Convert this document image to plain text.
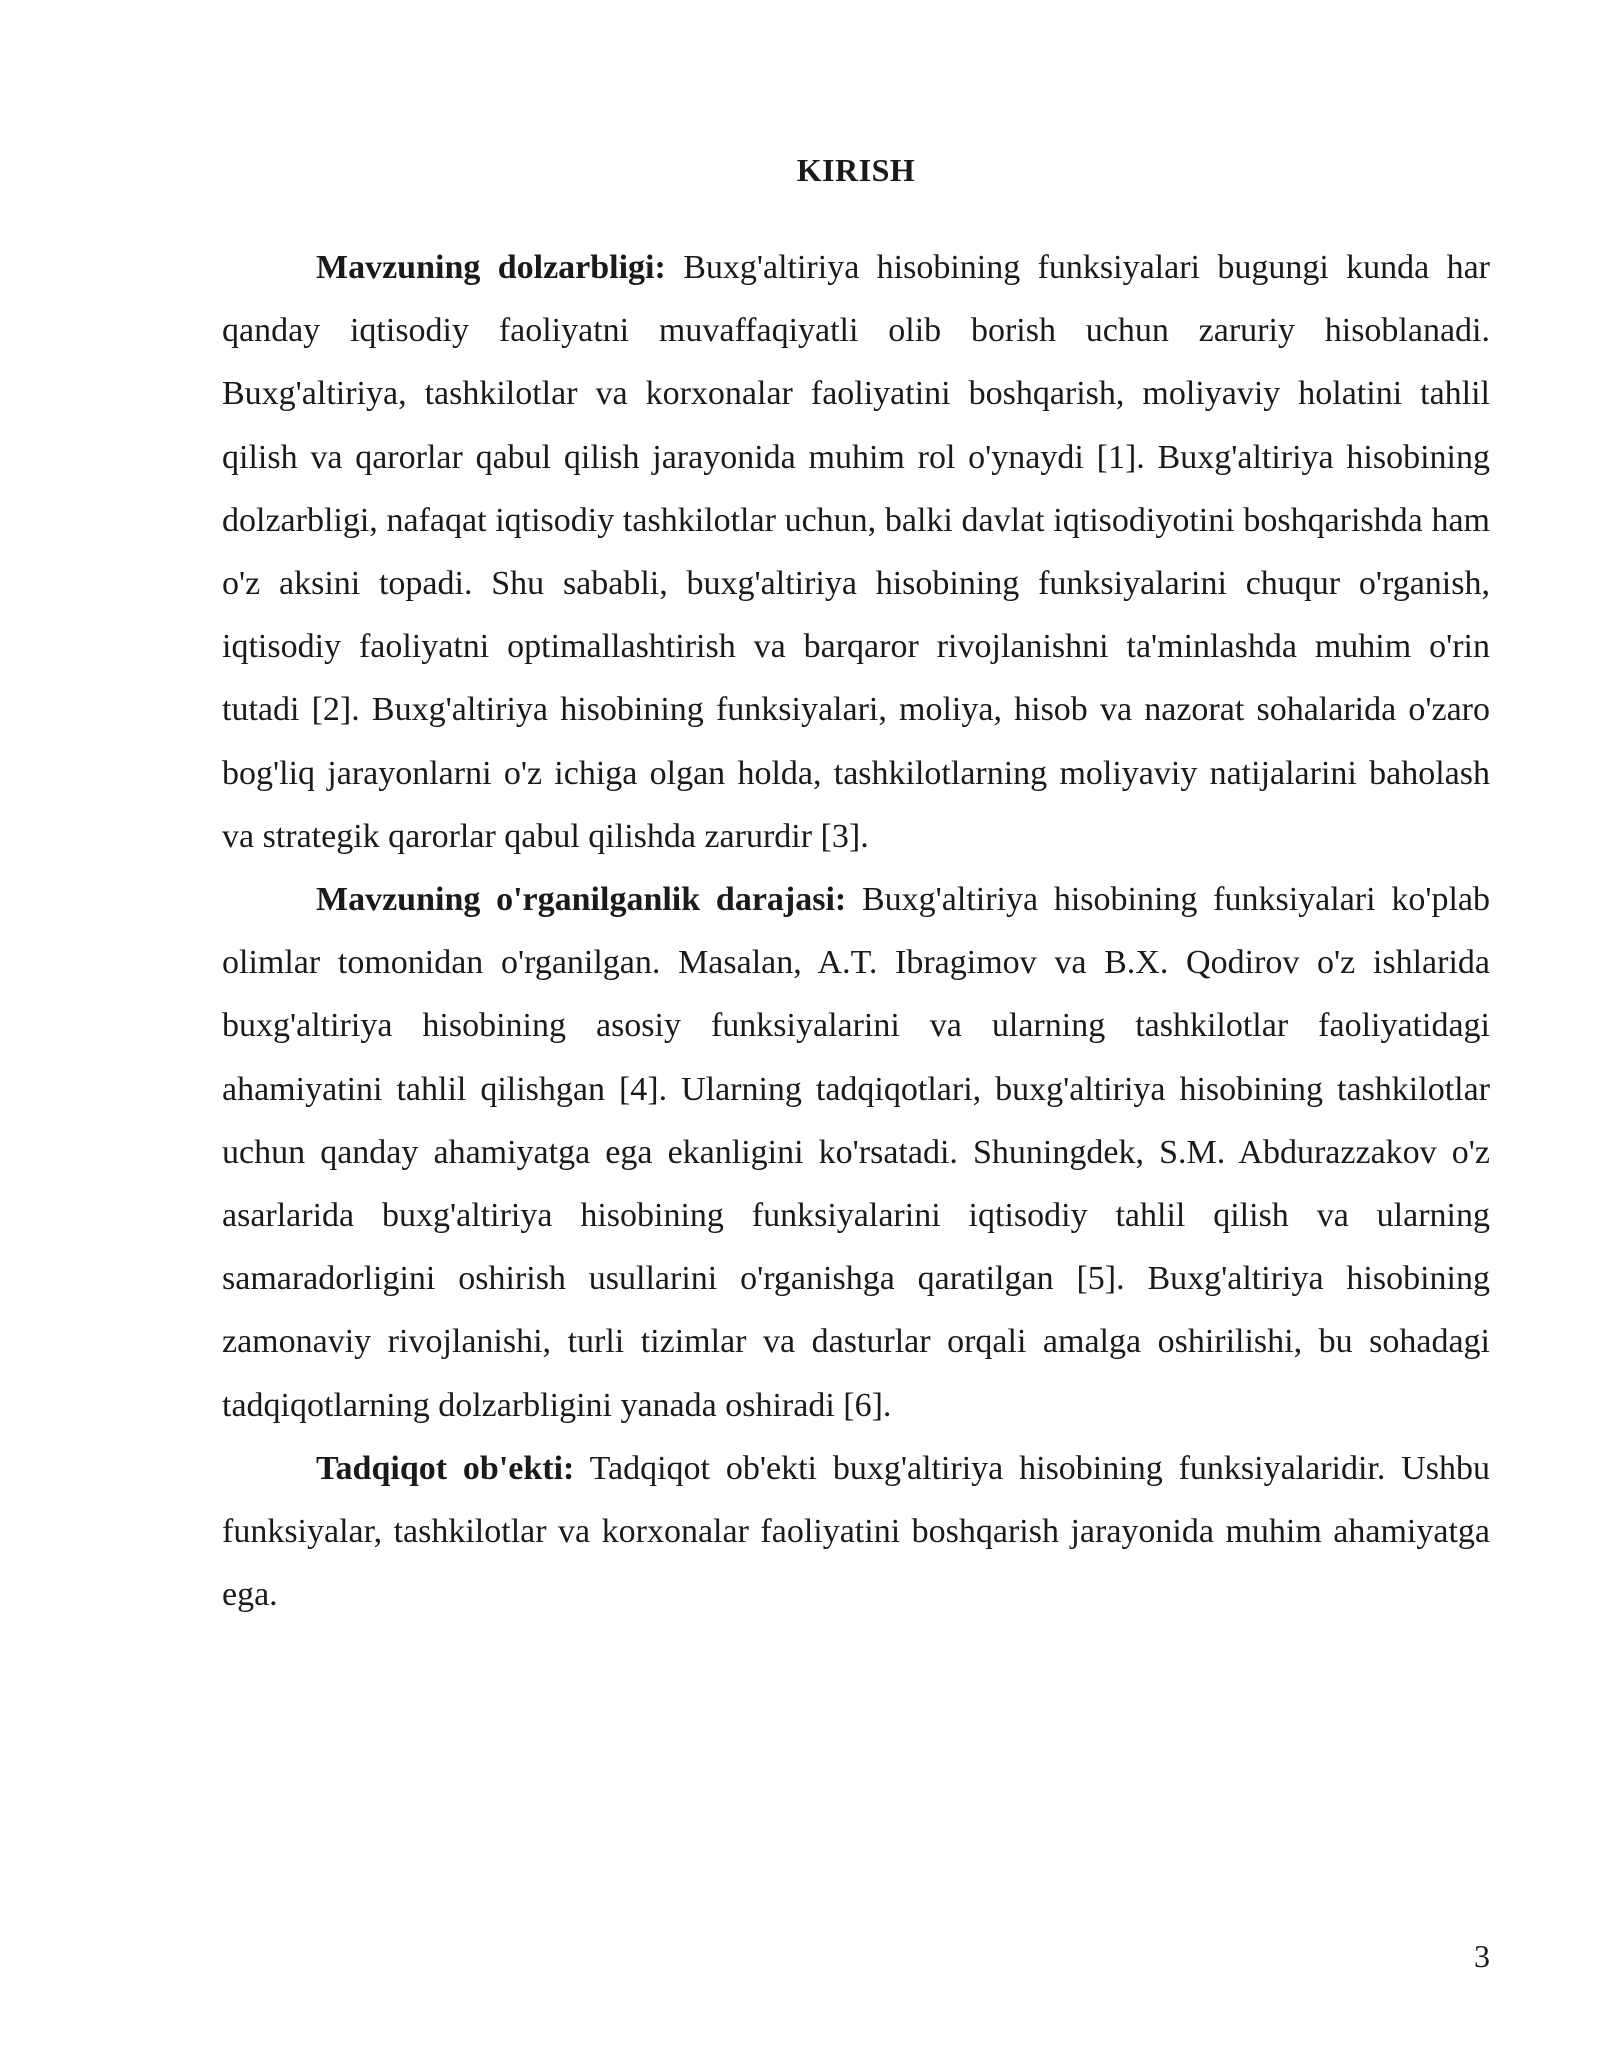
KIRISH

Mavzuning dolzarbligi: Buxg'altiriya hisobining funksiyalari bugungi kunda har qanday iqtisodiy faoliyatni muvaffaqiyatli olib borish uchun zaruriy hisoblanadi. Buxg'altiriya, tashkilotlar va korxonalar faoliyatini boshqarish, moliyaviy holatini tahlil qilish va qarorlar qabul qilish jarayonida muhim rol o'ynaydi [1]. Buxg'altiriya hisobining dolzarbligi, nafaqat iqtisodiy tashkilotlar uchun, balki davlat iqtisodiyotini boshqarishda ham o'z aksini topadi. Shu sababli, buxg'altiriya hisobining funksiyalarini chuqur o'rganish, iqtisodiy faoliyatni optimallashtirish va barqaror rivojlanishni ta'minlashda muhim o'rin tutadi [2]. Buxg'altiriya hisobining funksiyalari, moliya, hisob va nazorat sohalarida o'zaro bog'liq jarayonlarni o'z ichiga olgan holda, tashkilotlarning moliyaviy natijalarini baholash va strategik qarorlar qabul qilishda zarurdir [3].

Mavzuning o'rganilganlik darajasi: Buxg'altiriya hisobining funksiyalari ko'plab olimlar tomonidan o'rganilgan. Masalan, A.T. Ibragimov va B.X. Qodirov o'z ishlarida buxg'altiriya hisobining asosiy funksiyalarini va ularning tashkilotlar faoliyatidagi ahamiyatini tahlil qilishgan [4]. Ularning tadqiqotlari, buxg'altiriya hisobining tashkilotlar uchun qanday ahamiyatga ega ekanligini ko'rsatadi. Shuningdek, S.M. Abdurazzakov o'z asarlarida buxg'altiriya hisobining funksiyalarini iqtisodiy tahlil qilish va ularning samaradorligini oshirish usullarini o'rganishga qaratilgan [5]. Buxg'altiriya hisobining zamonaviy rivojlanishi, turli tizimlar va dasturlar orqali amalga oshirilishi, bu sohadagi tadqiqotlarning dolzarbligini yanada oshiradi [6].

Tadqiqot ob'ekti: Tadqiqot ob'ekti buxg'altiriya hisobining funksiyalaridir. Ushbu funksiyalar, tashkilotlar va korxonalar faoliyatini boshqarish jarayonida muhim ahamiyatga ega.

3
